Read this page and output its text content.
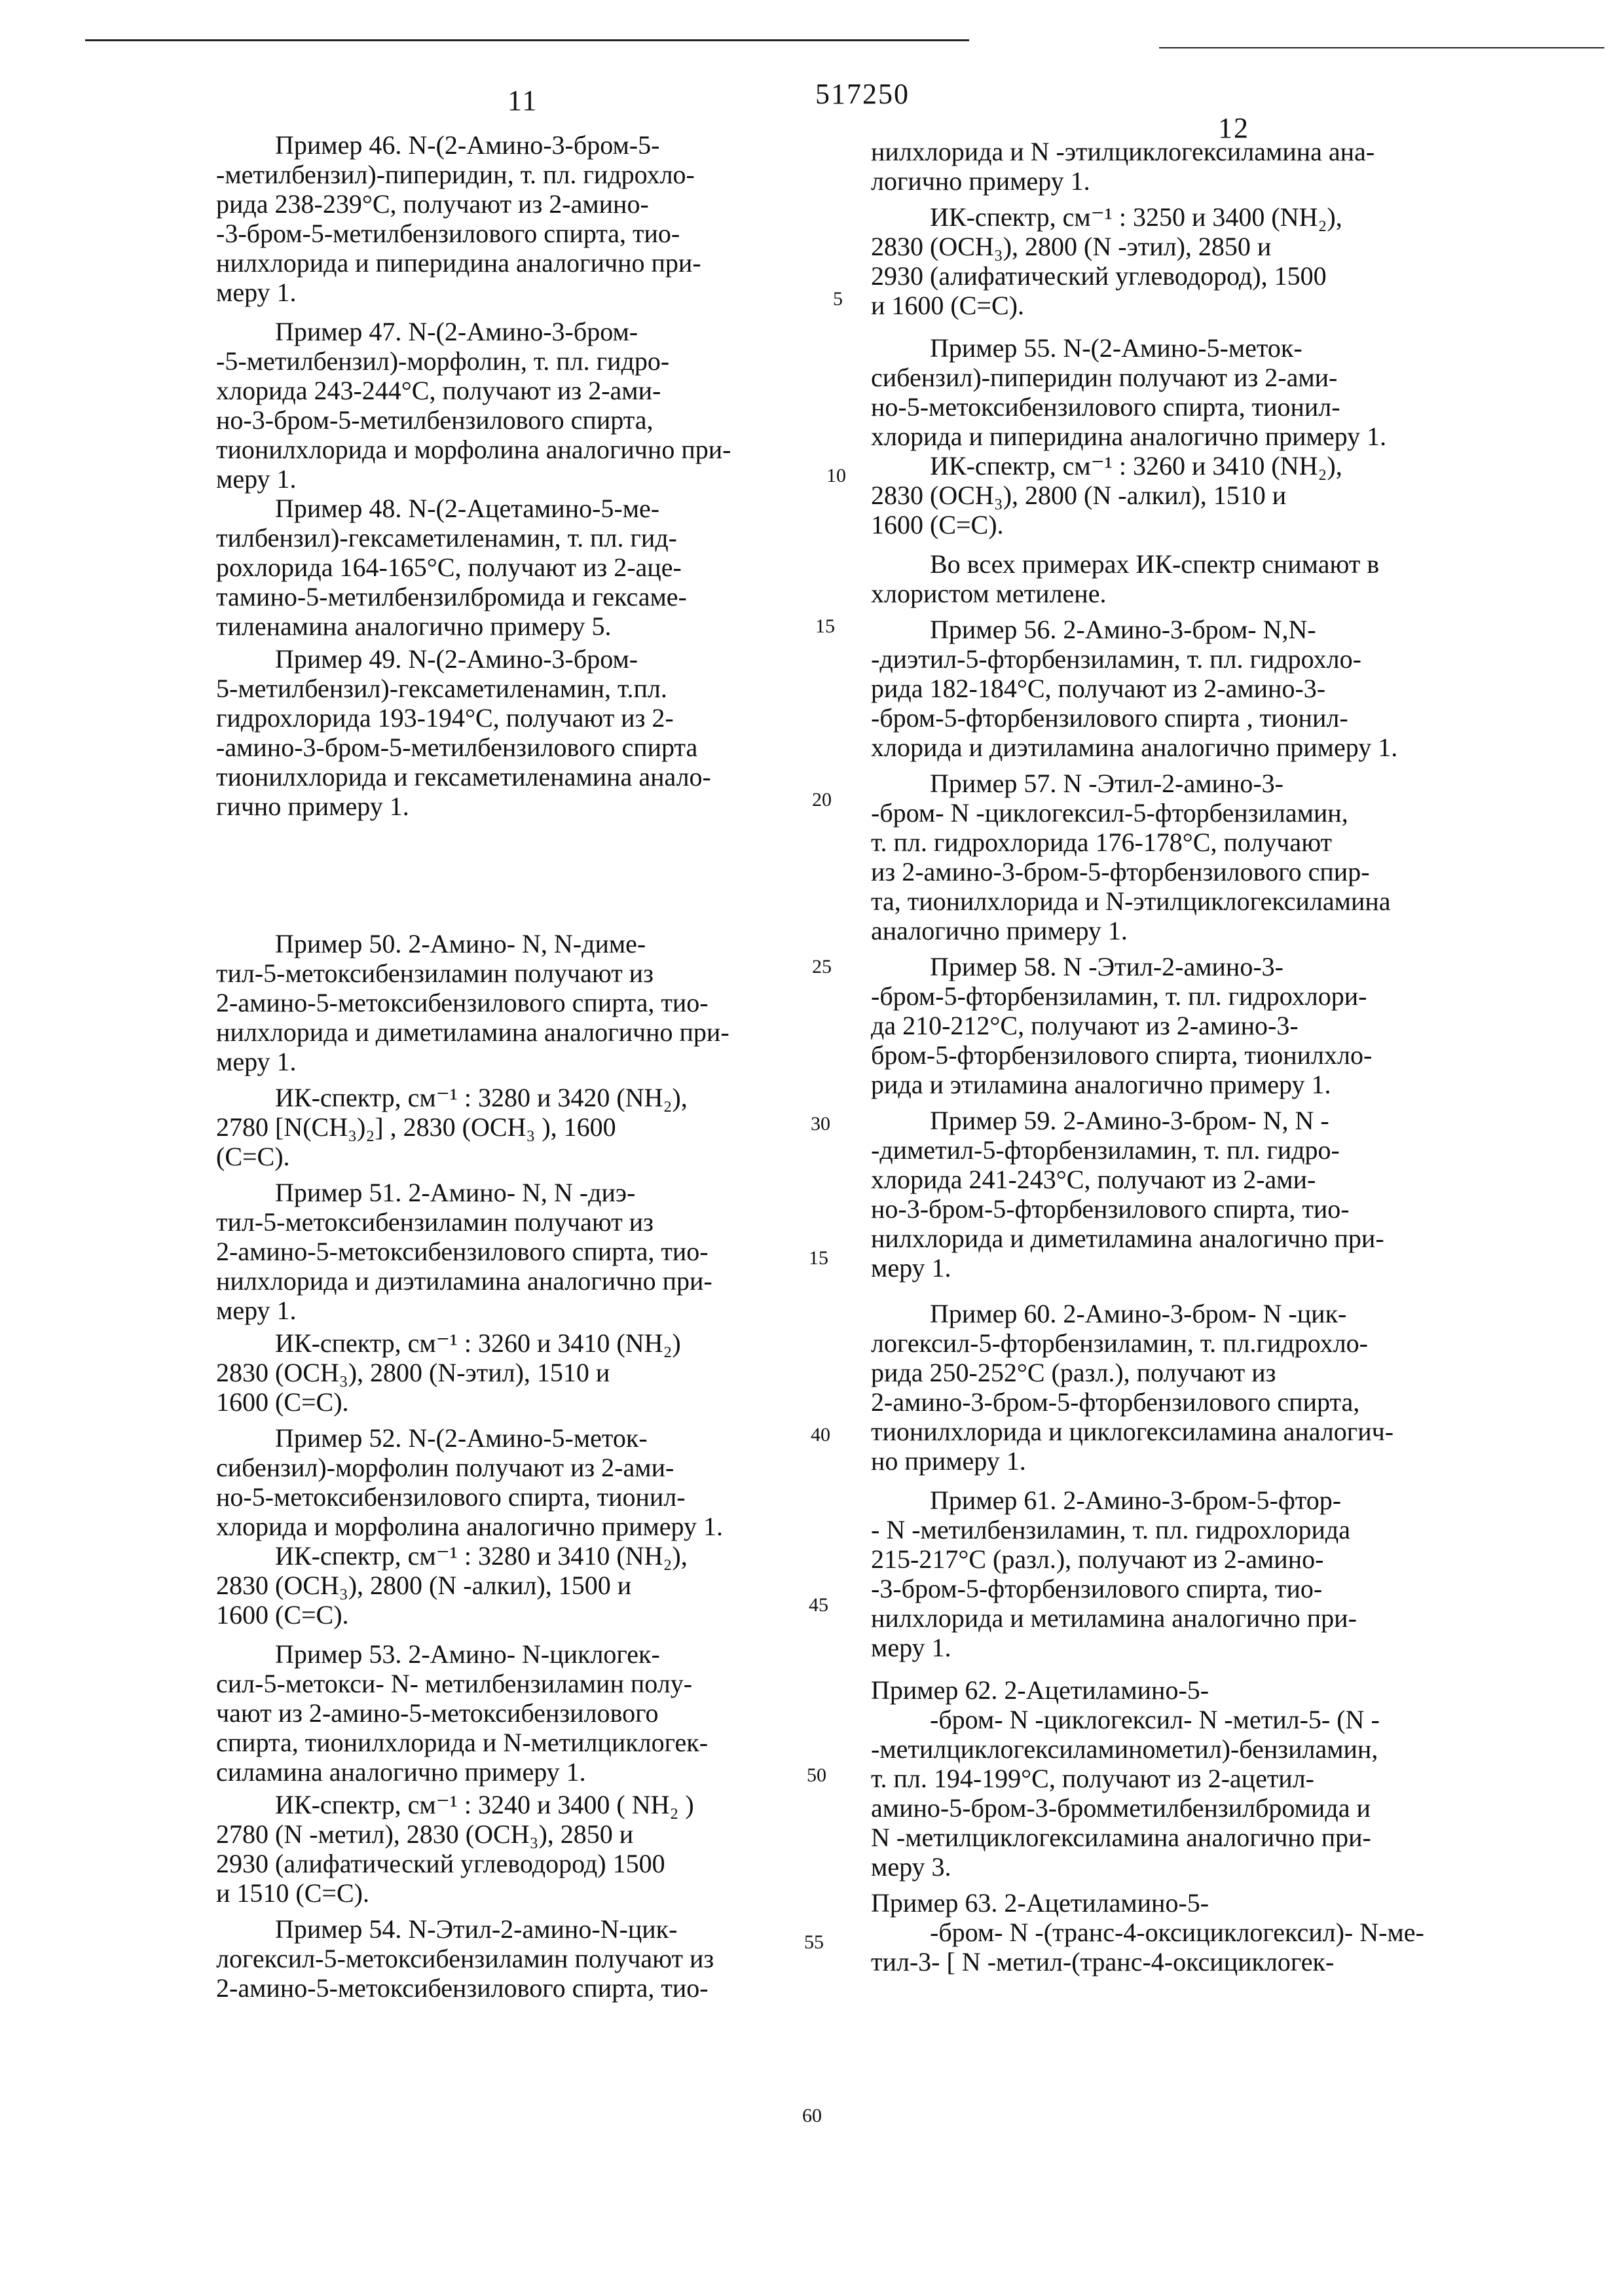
11	517250
12
Пример 46. N-(2-Амино-3-бром-5-
-метилбензил)-пиперидин, т. пл. гидрохло-
рида 238-239°C, получают из 2-амино-
-3-бром-5-метилбензилового спирта, тио-
нилхлорида и пиперидина аналогично при-
меру 1.
Пример 47. N-(2-Амино-3-бром-
-5-метилбензил)-морфолин, т. пл. гидро-
хлорида 243-244°C, получают из 2-ами-
но-3-бром-5-метилбензилового спирта,
тионилхлорида и морфолина аналогично при-
меру 1.
Пример 48. N-(2-Ацетамино-5-ме-
тилбензил)-гексаметиленамин, т. пл. гид-
рохлорида 164-165°C, получают из 2-аце-
тамино-5-метилбензилбромида и гексаме-
тиленамина аналогично примеру 5.
Пример 49. N-(2-Амино-3-бром-
5-метилбензил)-гексаметиленамин, т.пл.
гидрохлорида 193-194°C, получают из 2-
-амино-3-бром-5-метилбензилового спирта
тионилхлорида и гексаметиленамина анало-
гично примеру 1.
Пример 50. 2-Амино- N, N-диме-
тил-5-метоксибензиламин получают из
2-амино-5-метоксибензилового спирта, тио-
нилхлорида и диметиламина аналогично при-
меру 1.
ИК-спектр, см⁻¹ : 3280 и 3420 (NH₂),
2780 [N(CH₃)₂] , 2830 (OCH₃ ), 1600
(C=C).
Пример 51. 2-Амино- N, N -диэ-
тил-5-метоксибензиламин получают из
2-амино-5-метоксибензилового спирта, тио-
нилхлорида и диэтиламина аналогично при-
меру 1.
ИК-спектр, см⁻¹ : 3260 и 3410 (NH₂)
2830 (OCH₃), 2800 (N-этил), 1510 и
1600 (C=C).
Пример 52. N-(2-Амино-5-меток-
сибензил)-морфолин получают из 2-ами-
но-5-метоксибензилового спирта, тионил-
хлорида и морфолина аналогично примеру 1.
ИК-спектр, см⁻¹ : 3280 и 3410 (NH₂),
2830 (OCH₃), 2800 (N -алкил), 1500 и
1600 (C=C).
Пример 53. 2-Амино- N-циклогек-
сил-5-метокси- N- метилбензиламин полу-
чают из 2-амино-5-метоксибензилового
спирта, тионилхлорида и N-метилциклогек-
силамина аналогично примеру 1.
ИК-спектр, см⁻¹ : 3240 и 3400 ( NH₂ )
2780 (N -метил), 2830 (OCH₃), 2850 и
2930 (алифатический углеводород) 1500
и 1510 (C=C).
Пример 54. N-Этил-2-амино-N-цик-
логексил-5-метоксибензиламин получают из
2-амино-5-метоксибензилового спирта, тио-
нилхлорида и N -этилциклогексиламина ана-
логично примеру 1.
ИК-спектр, см⁻¹ : 3250 и 3400 (NH₂),
2830 (OCH₃), 2800 (N -этил), 2850 и
2930 (алифатический углеводород), 1500
и 1600 (C=C).
Пример 55. N-(2-Амино-5-меток-
сибензил)-пиперидин получают из 2-ами-
но-5-метоксибензилового спирта, тионил-
хлорида и пиперидина аналогично примеру 1.
ИК-спектр, см⁻¹ : 3260 и 3410 (NH₂),
2830 (OCH₃), 2800 (N -алкил), 1510 и
1600 (C=C).
Во всех примерах ИК-спектр снимают в
хлористом метилене.
Пример 56. 2-Амино-3-бром- N,N-
-диэтил-5-фторбензиламин, т. пл. гидрохло-
рида 182-184°C, получают из 2-амино-3-
-бром-5-фторбензилового спирта , тионил-
хлорида и диэтиламина аналогично примеру 1.
Пример 57. N -Этил-2-амино-3-
-бром- N -циклогексил-5-фторбензиламин,
т. пл. гидрохлорида 176-178°C, получают
из 2-амино-3-бром-5-фторбензилового спир-
та, тионилхлорида и N-этилциклогексиламина
аналогично примеру 1.
Пример 58. N -Этил-2-амино-3-
-бром-5-фторбензиламин, т. пл. гидрохлори-
да 210-212°C, получают из 2-амино-3-
бром-5-фторбензилового спирта, тионилхло-
рида и этиламина аналогично примеру 1.
Пример 59. 2-Амино-3-бром- N, N -
-диметил-5-фторбензиламин, т. пл. гидро-
хлорида 241-243°C, получают из 2-ами-
но-3-бром-5-фторбензилового спирта, тио-
нилхлорида и диметиламина аналогично при-
меру 1.
Пример 60. 2-Амино-3-бром- N -цик-
логексил-5-фторбензиламин, т. пл.гидрохло-
рида 250-252°C (разл.), получают из
2-амино-3-бром-5-фторбензилового спирта,
тионилхлорида и циклогексиламина аналогич-
но примеру 1.
Пример 61. 2-Амино-3-бром-5-фтор-
- N -метилбензиламин, т. пл. гидрохлорида
215-217°C (разл.), получают из 2-амино-
-3-бром-5-фторбензилового спирта, тио-
нилхлорида и метиламина аналогично при-
меру 1.
Пример 62. 2-Ацетиламино-5-
-бром- N -циклогексил- N -метил-5- (N -
-метилциклогексиламинометил)-бензиламин,
т. пл. 194-199°C, получают из 2-ацетил-
амино-5-бром-3-бромметилбензилбромида и
N -метилциклогексиламина аналогично при-
меру 3.
Пример 63. 2-Ацетиламино-5-
-бром- N -(транс-4-оксициклогексил)- N-ме-
тил-3- [ N -метил-(транс-4-оксициклогек-
5
10
15
20
25
30
15
40
45
50
55
60
